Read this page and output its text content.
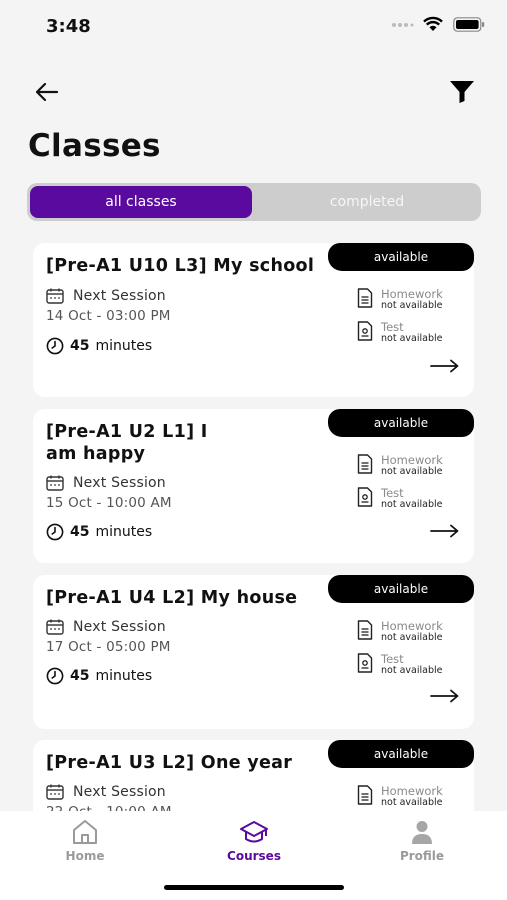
3:48
Classes
all classes	completed
available
[Pre-A1 U10 L3] My school
Next Session
14 Oct - 03:00 PM
45 minutes
Homework
not available
Test
not available
available
[Pre-A1 U2 L1] I am happy
Next Session
15 Oct - 10:00 AM
45 minutes
Homework
not available
Test
not available
available
[Pre-A1 U4 L2] My house
Next Session
17 Oct - 05:00 PM
45 minutes
Homework
not available
Test
not available
available
[Pre-A1 U3 L2] One year
Next Session	Homework
not available
Home	Courses	Profile
